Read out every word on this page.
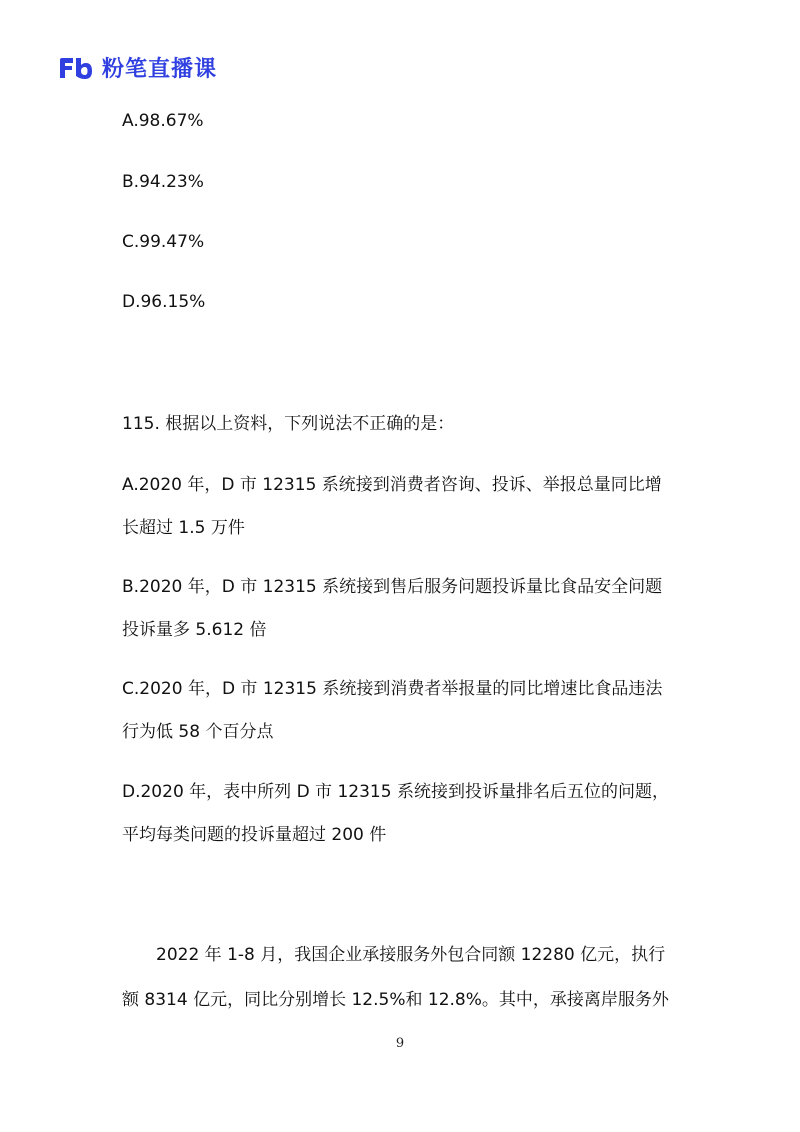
粉笔直播课
A.98.67%
B.94.23%
C.99.47%
D.96.15%
115. 根据以上资料，下列说法不正确的是：
A.2020 年，D 市 12315 系统接到消费者咨询、投诉、举报总量同比增
长超过 1.5 万件
B.2020 年，D 市 12315 系统接到售后服务问题投诉量比食品安全问题
投诉量多 5.612 倍
C.2020 年，D 市 12315 系统接到消费者举报量的同比增速比食品违法
行为低 58 个百分点
D.2020 年，表中所列 D 市 12315 系统接到投诉量排名后五位的问题，
平均每类问题的投诉量超过 200 件
2022 年 1-8 月，我国企业承接服务外包合同额 12280 亿元，执行
额 8314 亿元，同比分别增长 12.5%和 12.8%。其中，承接离岸服务外
9
